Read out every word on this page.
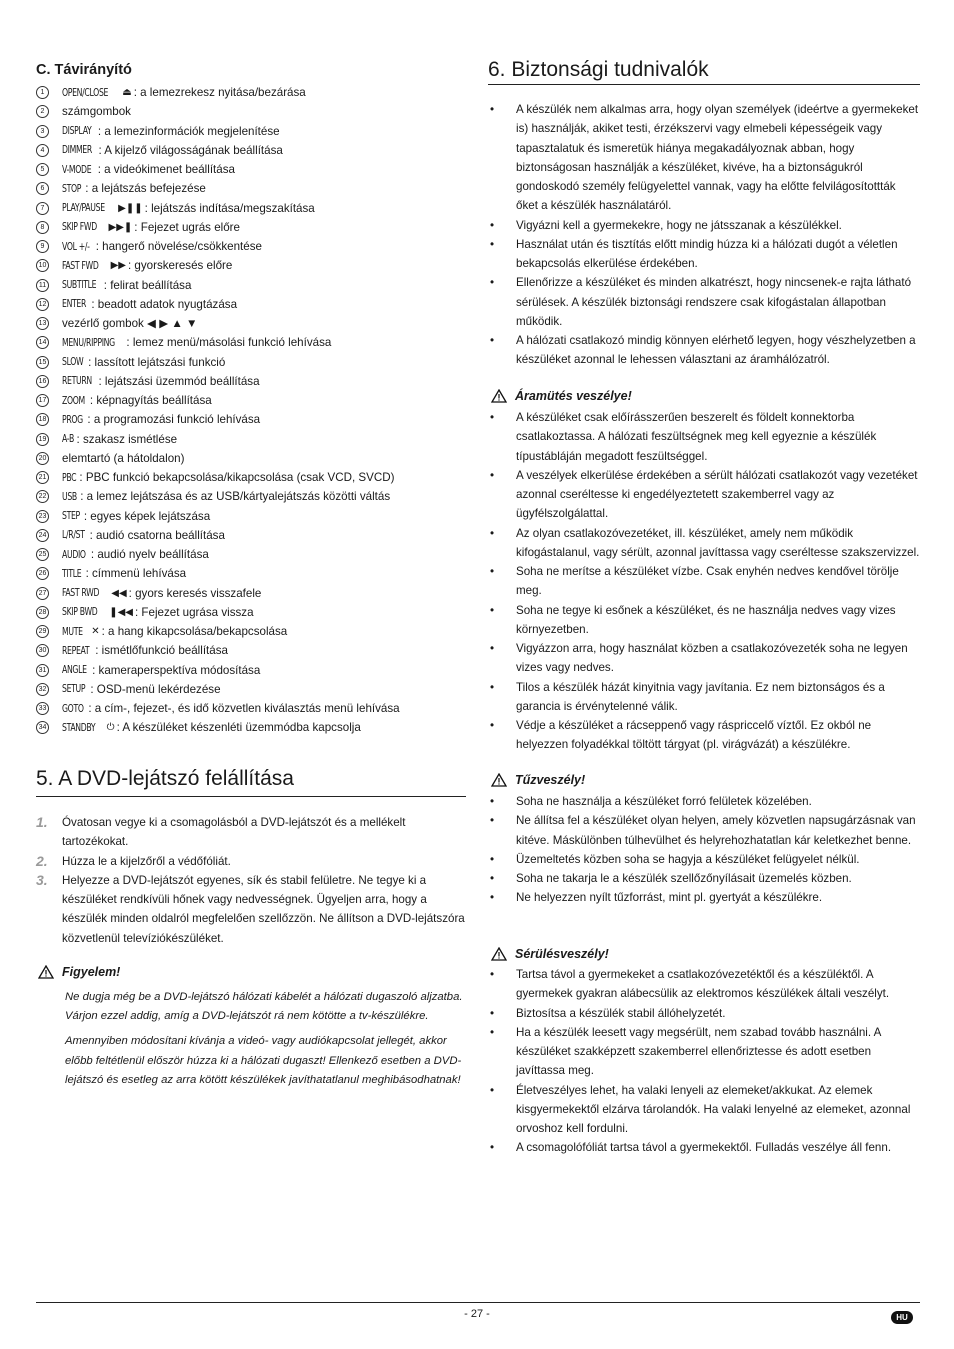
C. Távirányító
1	OPEN/CLOSE	⏏ : a lemezrekesz nyitása/bezárása
2	számgombok
3	DISPLAY : a lemezinformációk megjelenítése
4	DIMMER : A kijelző világosságának beállítása
5	V-MODE : a videókimenet beállítása
6	STOP : a lejátszás befejezése
7	PLAY/PAUSE	▶❚❚ : lejátszás indítása/megszakítása
8	SKIP FWD	▶▶❚ : Fejezet ugrás előre
9	VOL +/- : hangerő növelése/csökkentése
10 FAST FWD	▶▶ : gyorskeresés előre
11 SUBTITLE : felirat beállítása
12 ENTER : beadott adatok nyugtázása
13 vezérlő gombok ◀ ▶ ▲ ▼
14 MENU/RIPPING : lemez menü/másolási funkció lehívása
15 SLOW : lassított lejátszási funkció
16 RETURN : lejátszási üzemmód beállítása
17 ZOOM : képnagyítás beállítása
18 PROG : a programozási funkció lehívása
19 A-B : szakasz ismétlése
20 elemtartó (a hátoldalon)
21 PBC : PBC funkció bekapcsolása/kikapcsolása (csak VCD, SVCD)
22 USB : a lemez lejátszása és az USB/kártyalejátszás közötti váltás
23 STEP : egyes képek lejátszása
24 L/R/ST : audió csatorna beállítása
25 AUDIO : audió nyelv beállítása
26 TITLE : címmenü lehívása
27 FAST RWD	◀◀ : gyors keresés visszafele
28 SKIP BWD	❚◀◀ : Fejezet ugrása vissza
29 MUTE ✕ : a hang kikapcsolása/bekapcsolása
30 REPEAT : ismétlőfunkció beállítása
31 ANGLE : kameraperspektíva módosítása
32 SETUP : OSD-menü lekérdezése
33 GOTO : a cím-, fejezet-, és idő közvetlen kiválasztás menü lehívása
34 STANDBY	⏻ : A készüléket készenléti üzemmódba kapcsolja
5. A DVD-lejátszó felállítása
1.	Óvatosan vegye ki a csomagolásból a DVD-lejátszót és a mellékelt tartozékokat.
2.	Húzza le a kijelzőről a védőfóliát.
3.	Helyezze a DVD-lejátszót egyenes, sík és stabil felületre. Ne tegye ki a készüléket rendkívüli hőnek vagy nedvességnek. Ügyeljen arra, hogy a készülék minden oldalról megfelelően szellőzzön. Ne állítson a DVD-lejátszóra közvetlenül televíziókészüléket.
Figyelem!

Ne dugja még be a DVD-lejátszó hálózati kábelét a hálózati dugaszoló aljzatba. Várjon ezzel addig, amíg a DVD-lejátszót rá nem kötötte a tv-készülékre.

Amennyiben módosítani kívánja a videó- vagy audiókapcsolat jellegét, akkor előbb feltétlenül először húzza ki a hálózati dugaszt! Ellenkező esetben a DVD-lejátszó és esetleg az arra kötött készülékek javíthatatlanul meghibásodhatnak!

6. Biztonsági tudnivalók
• A készülék nem alkalmas arra, hogy olyan személyek (ideértve a gyermekeket is) használják, akiket testi, érzékszervi vagy elmebeli képességeik vagy tapasztalatuk és ismeretük hiánya megakadályoznak abban, hogy biztonságosan használják a készüléket, kivéve, ha a biztonságukról gondoskodó személy felügyelettel vannak, vagy ha előtte felvilágosítottták őket a készülék használatáról.
• Vigyázni kell a gyermekekre, hogy ne játsszanak a készülékkel.
• Használat után és tisztítás előtt mindig húzza ki a hálózati dugót a véletlen bekapcsolás elkerülése érdekében.
• Ellenőrizze a készüléket és minden alkatrészt, hogy nincsenek-e rajta látható sérülések. A készülék biztonsági rendszere csak kifogástalan állapotban működik.
• A hálózati csatlakozó mindig könnyen elérhető legyen, hogy vészhelyzetben a készüléket azonnal le lehessen választani az áramhálózatról.
Áramütés veszélye!
• A készüléket csak előírásszerűen beszerelt és földelt konnektorba csatlakoztassa. A hálózati feszültségnek meg kell egyeznie a készülék típustábláján megadott feszültséggel.
• A veszélyek elkerülése érdekében a sérült hálózati csatlakozót vagy vezetéket azonnal cseréltesse ki engedélyeztetett szakemberrel vagy az ügyfélszolgálattal.
• Az olyan csatlakozóvezetéket, ill. készüléket, amely nem működik kifogástalanul, vagy sérült, azonnal javíttassa vagy cseréltesse szakszervizzel.
• Soha ne merítse a készüléket vízbe. Csak enyhén nedves kendővel törölje meg.
• Soha ne tegye ki esőnek a készüléket, és ne használja nedves vagy vizes környezetben.
• Vigyázzon arra, hogy használat közben a csatlakozóvezeték soha ne legyen vizes vagy nedves.
• Tilos a készülék házát kinyitnia vagy javítania. Ez nem biztonságos és a garancia is érvénytelenné válik.
• Védje a készüléket a rácsеppenő vagy ráspriccelő víztől. Ez okból ne helyezzen folyadékkal töltött tárgyat (pl. virágvázát) a készülékre.
Tűzveszély!
• Soha ne használja a készüléket forró felületek közelében.
• Ne állítsa fel a készüléket olyan helyen, amely közvetlen napsugárzásnak van kitéve. Máskülönben túlhevülhet és helyrehozhatatlan kár keletkezhet benne.
• Üzemeltetés közben soha se hagyja a készüléket felügyelet nélkül.
• Soha ne takarja le a készülék szellőzőnyílásait üzemelés közben.
• Ne helyezzen nyílt tűzforrást, mint pl. gyertyát a készülékre.
Sérülésveszély!
• Tartsa távol a gyermekeket a csatlakozóvezetéktől és a készüléktől. A gyermekek gyakran alábecsülik az elektromos készülékek általi veszélyt.
• Biztosítsa a készülék stabil állóhelyzetét.
• Ha a készülék leesett vagy megsérült, nem szabad tovább használni. A készüléket szakképzett szakemberrel ellenőriztesse és adott esetben javíttassa meg.
• Életveszélyes lehet, ha valaki lenyeli az elemeket/akkukat. Az elemek kisgyermekektől elzárva tárolandók. Ha valaki lenyelné az elemeket, azonnal orvoshoz kell fordulni.
• A csomagolófóliát tartsa távol a gyermekektől. Fulladás veszélye áll fenn.
- 27 -	HU
